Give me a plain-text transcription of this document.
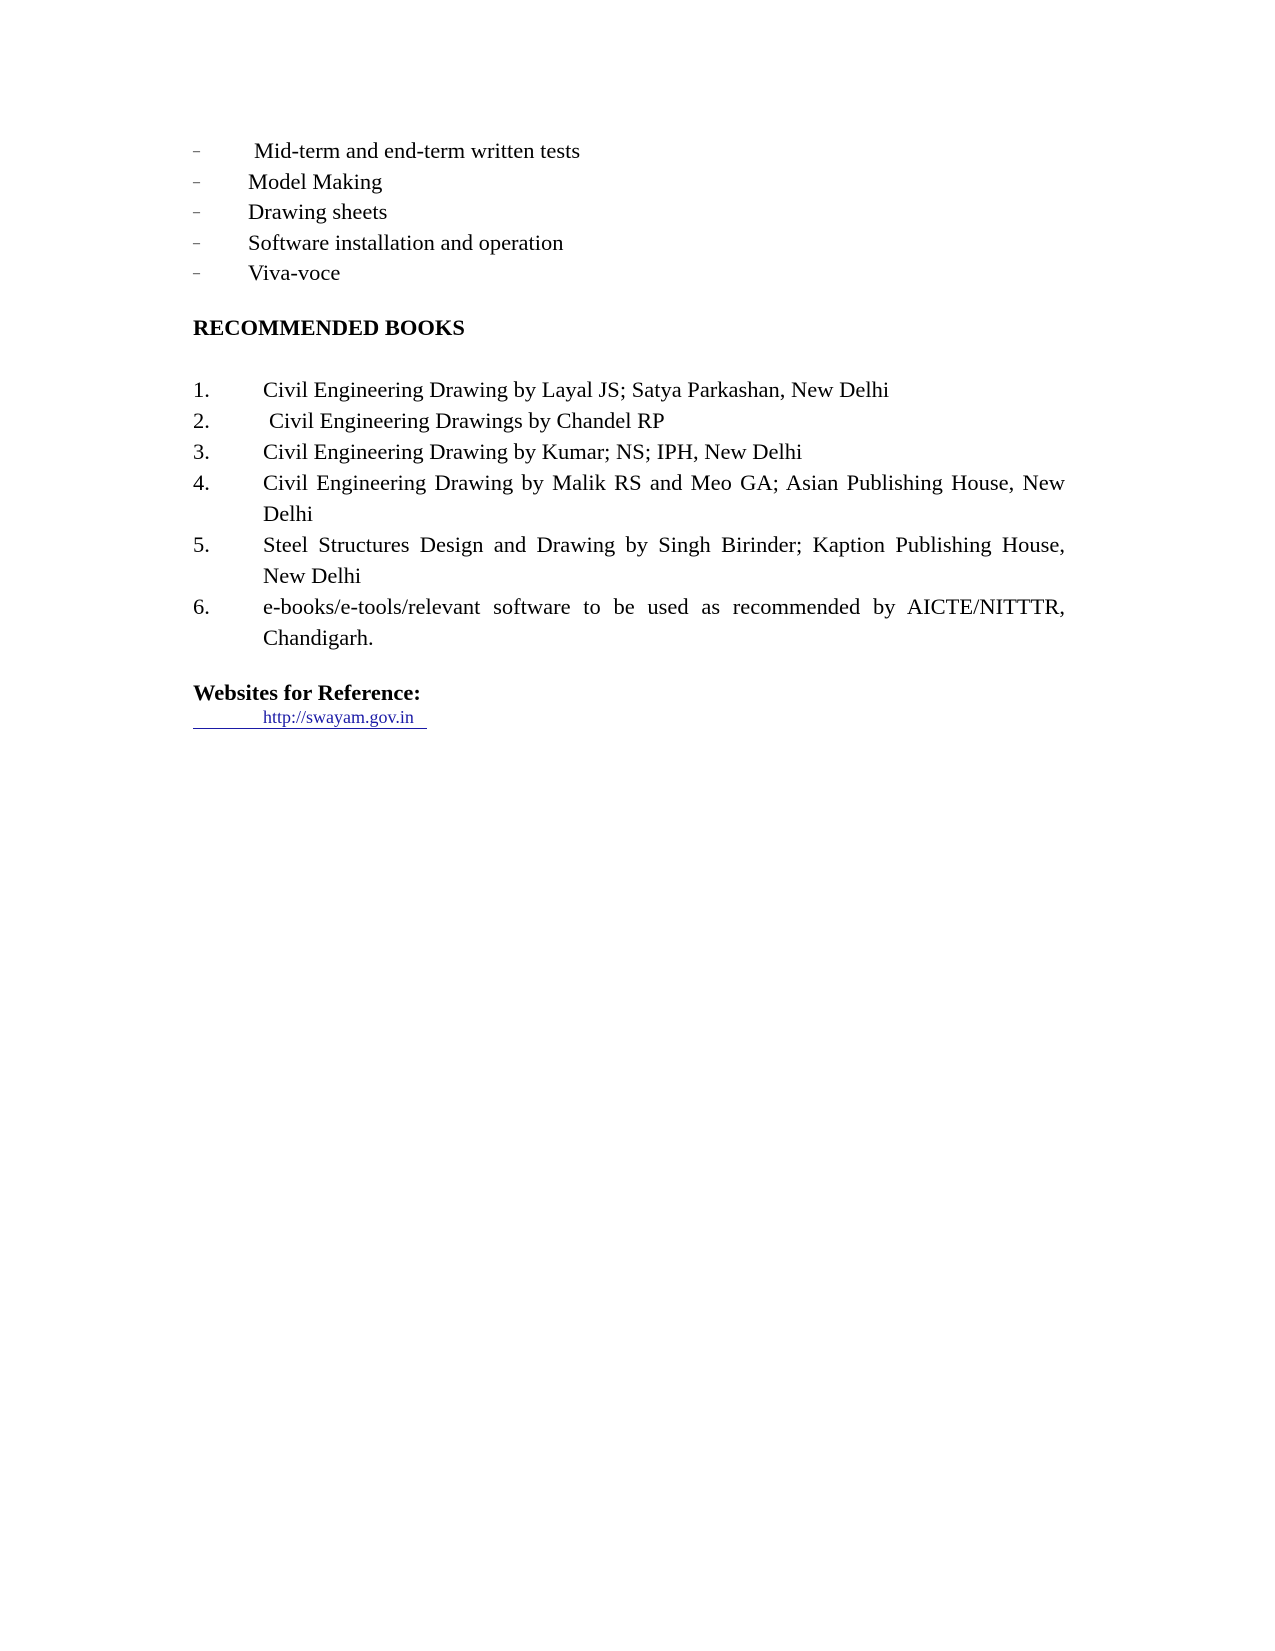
– Mid-term and end-term written tests
– Model Making
– Drawing sheets
– Software installation and operation
– Viva-voce
RECOMMENDED BOOKS
1. Civil Engineering Drawing by Layal JS; Satya Parkashan, New Delhi
2.	Civil Engineering Drawings by Chandel RP
3. Civil Engineering Drawing by Kumar; NS; IPH, New Delhi
4. Civil Engineering Drawing by Malik RS and Meo GA; Asian Publishing House, New Delhi
5. Steel Structures Design and Drawing by Singh Birinder; Kaption Publishing House, New Delhi
6. e-books/e-tools/relevant software to be used as recommended by AICTE/NITTTR, Chandigarh.
Websites for Reference:
http://swayam.gov.in
